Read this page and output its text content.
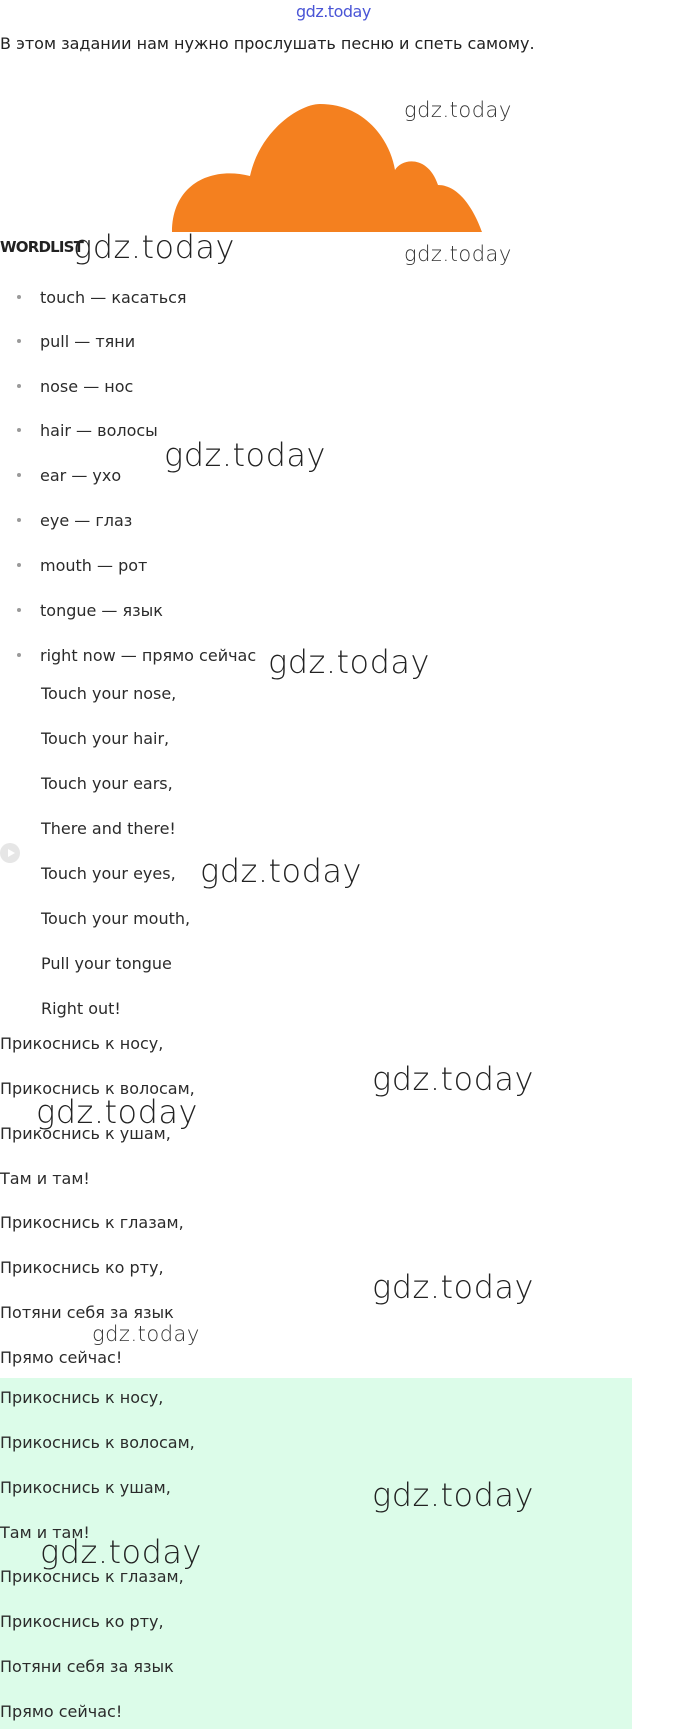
gdz.today
В этом задании нам нужно прослушать песню и спеть самому.
WORDLIST
touch — касаться
pull — тяни
nose — нос
hair — волосы
ear — ухо
eye — глаз
mouth — рот
tongue — язык
right now — прямо сейчас
Touch your nose,
Touch your hair,
Touch your ears,
There and there!
Touch your eyes,
Touch your mouth,
Pull your tongue
Right out!
Прикоснись к носу,
Прикоснись к волосам,
Прикоснись к ушам,
Там и там!
Прикоснись к глазам,
Прикоснись ко рту,
Потяни себя за язык
Прямо сейчас!
Прикоснись к носу,
Прикоснись к волосам,
Прикоснись к ушам,
Там и там!
Прикоснись к глазам,
Прикоснись ко рту,
Потяни себя за язык
Прямо сейчас!
gdz.today
gdz.today
gdz.today
gdz.today
gdz.today
gdz.today
gdz.today
gdz.today
gdz.today
gdz.today
gdz.today
gdz.today
